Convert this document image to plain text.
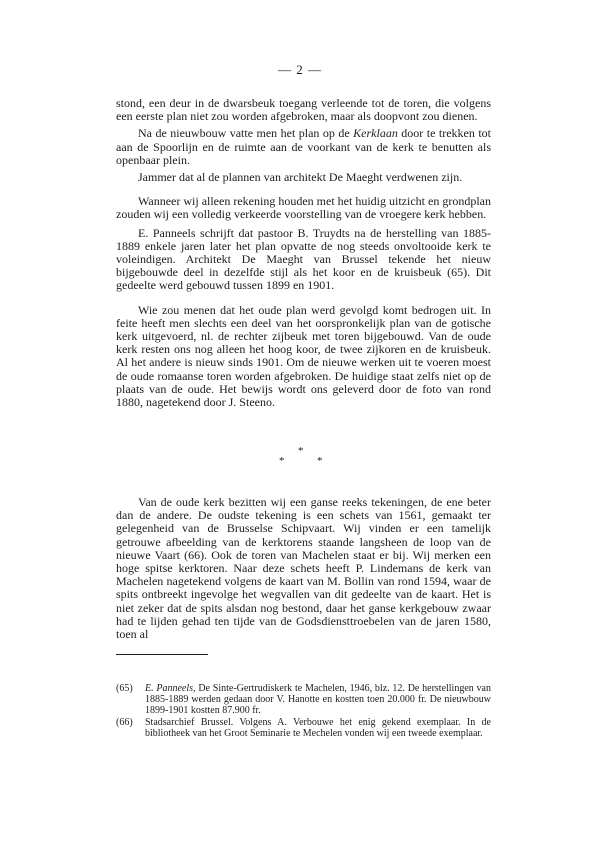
— 2 —

stond, een deur in de dwarsbeuk toegang verleende tot de toren, die volgens een eerste plan niet zou worden afgebroken, maar als doopvont zou dienen.

Na de nieuwbouw vatte men het plan op de Kerklaan door te trekken tot aan de Spoorlijn en de ruimte aan de voorkant van de kerk te benutten als openbaar plein.

Jammer dat al de plannen van architekt De Maeght verdwenen zijn.

Wanneer wij alleen rekening houden met het huidig uitzicht en grondplan zouden wij een volledig verkeerde voorstelling van de vroegere kerk hebben.

E. Panneels schrijft dat pastoor B. Truydts na de herstelling van 1885-1889 enkele jaren later het plan opvatte de nog steeds onvoltooide kerk te voleindigen. Architekt De Maeght van Brussel tekende het nieuw bijgebouwde deel in dezelfde stijl als het koor en de kruisbeuk (65). Dit gedeelte werd gebouwd tussen 1899 en 1901.

Wie zou menen dat het oude plan werd gevolgd komt bedrogen uit. In feite heeft men slechts een deel van het oorspronkelijk plan van de gotische kerk uitgevoerd, nl. de rechter zijbeuk met toren bijgebouwd. Van de oude kerk resten ons nog alleen het hoog koor, de twee zijkoren en de kruisbeuk. Al het andere is nieuw sinds 1901. Om de nieuwe werken uit te voeren moest de oude romaanse toren worden afgebroken. De huidige staat zelfs niet op de plaats van de oude. Het bewijs wordt ons geleverd door de foto van rond 1880, nagetekend door J. Steeno.

*
*	*

Van de oude kerk bezitten wij een ganse reeks tekeningen, de ene beter dan de andere. De oudste tekening is een schets van 1561, gemaakt ter gelegenheid van de Brusselse Schipvaart. Wij vinden er een tamelijk getrouwe afbeelding van de kerktorens staande langsheen de loop van de nieuwe Vaart (66). Ook de toren van Machelen staat er bij. Wij merken een hoge spitse kerktoren. Naar deze schets heeft P. Lindemans de kerk van Machelen nagetekend volgens de kaart van M. Bollin van rond 1594, waar de spits ontbreekt ingevolge het wegvallen van dit gedeelte van de kaart. Het is niet zeker dat de spits alsdan nog bestond, daar het ganse kerkgebouw zwaar had te lijden gehad ten tijde van de Godsdiensttroebelen van de jaren 1580, toen al

(65)	E. Panneels, De Sinte-Gertrudiskerk te Machelen, 1946, blz. 12. De herstellingen van 1885-1889 werden gedaan door V. Hanotte en kostten toen 20.000 fr. De nieuwbouw 1899-1901 kostten 87.900 fr.
(66)	Stadsarchief Brussel. Volgens A. Verbouwe het enig gekend exemplaar. In de bibliotheek van het Groot Seminarie te Mechelen vonden wij een tweede exemplaar.
